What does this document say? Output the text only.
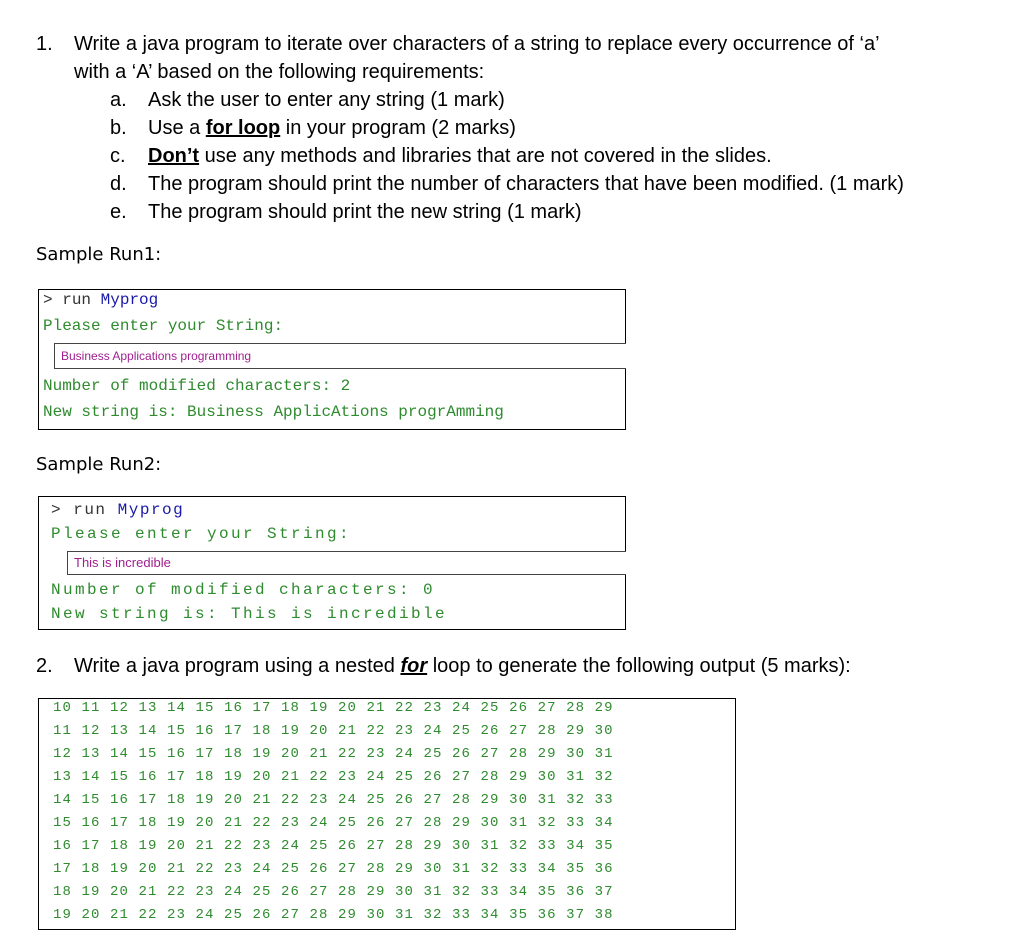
1. Write a java program to iterate over characters of a string to replace every occurrence of ‘a’
with a ‘A’ based on the following requirements:
a. Ask the user to enter any string (1 mark)
b. Use a for loop in your program (2 marks)
c. Don’t use any methods and libraries that are not covered in the slides.
d. The program should print the number of characters that have been modified. (1 mark)
e. The program should print the new string (1 mark)
Sample Run1:
> run Myprog
Please enter your String:
Business Applications programming
Number of modified characters: 2
New string is: Business ApplicAtions progrAmming
Sample Run2:
> run Myprog
Please enter your String:
This is incredible
Number of modified characters: 0
New string is: This is incredible
2. Write a java program using a nested for loop to generate the following output (5 marks):
10 11 12 13 14 15 16 17 18 19 20 21 22 23 24 25 26 27 28 29
11 12 13 14 15 16 17 18 19 20 21 22 23 24 25 26 27 28 29 30
12 13 14 15 16 17 18 19 20 21 22 23 24 25 26 27 28 29 30 31
13 14 15 16 17 18 19 20 21 22 23 24 25 26 27 28 29 30 31 32
14 15 16 17 18 19 20 21 22 23 24 25 26 27 28 29 30 31 32 33
15 16 17 18 19 20 21 22 23 24 25 26 27 28 29 30 31 32 33 34
16 17 18 19 20 21 22 23 24 25 26 27 28 29 30 31 32 33 34 35
17 18 19 20 21 22 23 24 25 26 27 28 29 30 31 32 33 34 35 36
18 19 20 21 22 23 24 25 26 27 28 29 30 31 32 33 34 35 36 37
19 20 21 22 23 24 25 26 27 28 29 30 31 32 33 34 35 36 37 38
